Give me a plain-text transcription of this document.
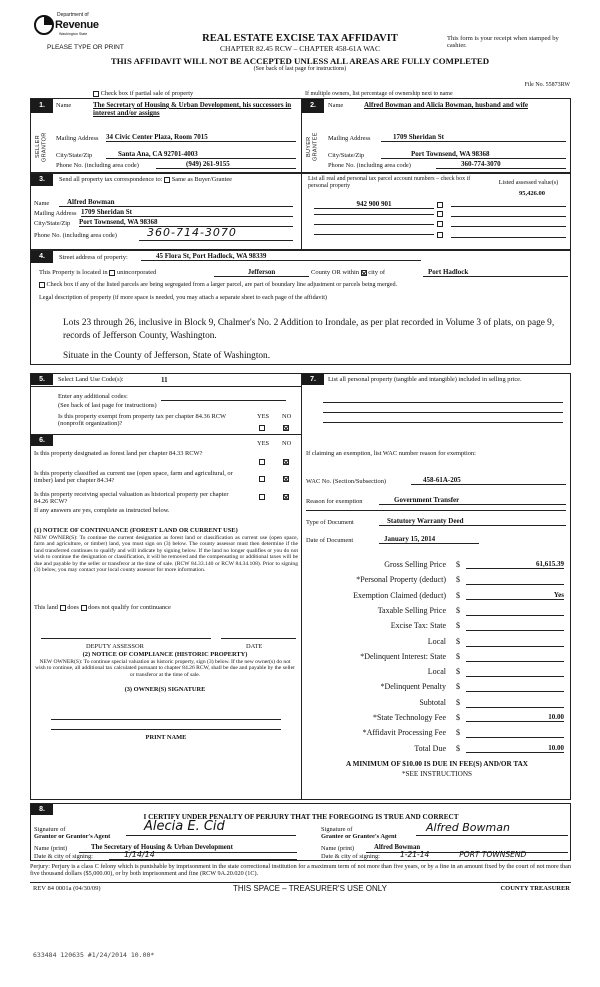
Department of
Revenue
Washington State
PLEASE TYPE OR PRINT
REAL ESTATE EXCISE TAX AFFIDAVIT
CHAPTER 82.45 RCW – CHAPTER 458-61A WAC
This form is your receipt when stamped by cashier.
THIS AFFIDAVIT WILL NOT BE ACCEPTED UNLESS ALL AREAS ARE FULLY COMPLETED
(See back of last page for instructions)
File No. 55873RW
Check box if partial sale of property	If multiple owners, list percentage of ownership next to name
1.
SELLER GRANTOR
Name	The Secretary of Housing & Urban Development, his successors in interest and/or assigns
Mailing Address 34 Civic Center Plaza, Room 7015
City/State/Zip	Santa Ana, CA 92701-4003
Phone No. (including area code)	(949) 261-9155
2.
BUYER GRANTEE
Name	Alfred Bowman and Alicia Bowman, husband and wife
Mailing Address	1709 Sheridan St
City/State/Zip	Port Townsend, WA 98368
Phone No. (including area code)	360-774-3070
3.	Send all property tax correspondence to: Same as Buyer/Grantee
Name	Alfred Bowman
Mailing Address 1709 Sheridan St
City/State/Zip Port Townsend, WA 98368
Phone No. (including area code)	360-714-3070
List all real and personal tax parcel account numbers – check box if personal property	Listed assessed value(s)
95,426.00
942 900 901
4.	Street address of property:	45 Flora St, Port Hadlock, WA 98339
This Property is located in unincorporated	Jefferson	County OR within city of	Port Hadlock
Check box if any of the listed parcels are being segregated from a larger parcel, are part of boundary line adjustment or parcels being merged.
Legal description of property (if more space is needed, you may attach a separate sheet to each page of the affidavit)
Lots 23 through 26, inclusive in Block 9, Chalmer's No. 2 Addition to Irondale, as per plat recorded in Volume 3 of plats, on page 9, records of Jefferson County, Washington.
Situate in the County of Jefferson, State of Washington.
5.	Select Land Use Code(s):	11
Enter any additional codes:
(See back of last page for instructions)
YES NO
Is this property exempt from property tax per chapter 84.36 RCW (nonprofit organization)?
6.	YES NO
Is this property designated as forest land per chapter 84.33 RCW?
Is this property classified as current use (open space, farm and agricultural, or timber) land per chapter 84.34?
Is this property receiving special valuation as historical property per chapter 84.26 RCW?
If any answers are yes, complete as instructed below.
(1) NOTICE OF CONTINUANCE (FOREST LAND OR CURRENT USE)
NEW OWNER(S): To continue the current designation as forest land or classification as current use (open space, farm and agriculture, or timber) land, you must sign on (3) below. The county assessor must then determine if the land transferred continues to qualify and will indicate by signing below. If the land no longer qualifies or you do not wish to continue the designation or classification, it will be removed and the compensating or additional taxes will be due and payable by the seller or transferor at the time of sale. (RCW 84.33.140 or RCW 84.34.108). Prior to signing (3) below, you may contact your local county assessor for more information.
This land does does not qualify for continuance
DEPUTY ASSESSOR	DATE
(2) NOTICE OF COMPLIANCE (HISTORIC PROPERTY)
NEW OWNER(S): To continue special valuation as historic property, sign (3) below. If the new owner(s) do not wish to continue, all additional tax calculated pursuant to chapter 84.26 RCW, shall be due and payable by the seller or transferor at the time of sale.
(3) OWNER(S) SIGNATURE
PRINT NAME
7.	List all personal property (tangible and intangible) included in selling price.
If claiming an exemption, list WAC number reason for exemption:
WAC No. (Section/Subsection)	458-61A-205
Reason for exemption	Government Transfer
Type of Document	Statutory Warranty Deed
Date of Document	January 15, 2014
Gross Selling Price $	61,615.39
*Personal Property (deduct) $
Exemption Claimed (deduct) $	Yes
Taxable Selling Price $
Excise Tax: State $
Local $
*Delinquent Interest: State $
Local $
*Delinquent Penalty $
Subtotal $
*State Technology Fee $	10.00
*Affidavit Processing Fee $
Total Due $	10.00
A MINIMUM OF $10.00 IS DUE IN FEE(S) AND/OR TAX
*SEE INSTRUCTIONS
8.
I CERTIFY UNDER PENALTY OF PERJURY THAT THE FOREGOING IS TRUE AND CORRECT
Signature of
Grantor or Grantor's Agent
Alecia E. Cid
Name (print)	The Secretary of Housing & Urban Development
Date & city of signing:	1/14/14
Signature of
Grantee or Grantee's Agent
Alfred Bowman
Name (print)	Alfred Bowman
Date & city of signing:	1-21-14	PORT TOWNSEND
Perjury: Perjury is a class C felony which is punishable by imprisonment in the state correctional institution for a maximum term of not more than five years, or by a fine in an amount fixed by the court of not more than five thousand dollars ($5,000.00), or by both imprisonment and fine (RCW 9A.20.020 (1C).
REV 84 0001a (04/30/09)	THIS SPACE – TREASURER'S USE ONLY	COUNTY TREASURER
633484 120635 #1/24/2014 10.00*
